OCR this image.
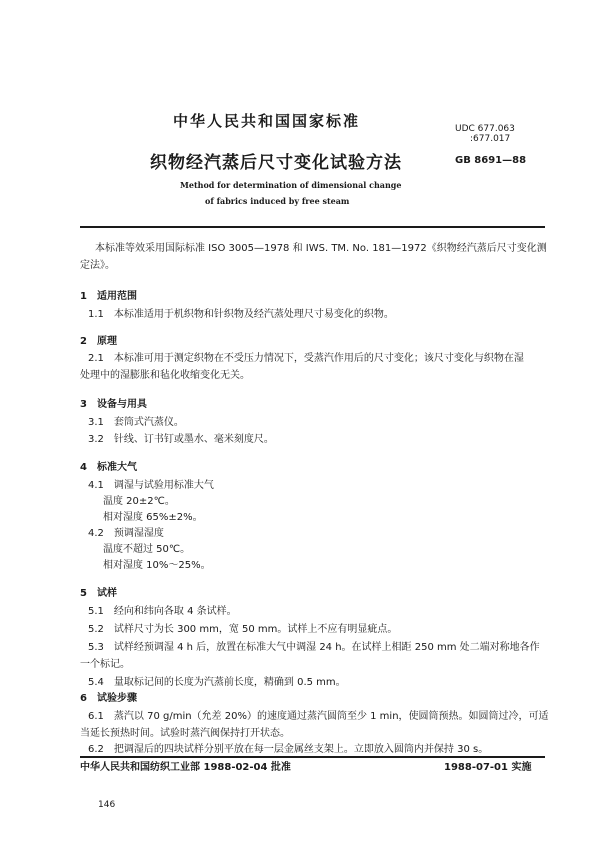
中华人民共和国国家标准	UDC 677.063
:677.017
GB 8691—88
织物经汽蒸后尺寸变化试验方法
Method for determination of dimensional change
of fabrics induced by free steam
本标准等效采用国际标准 ISO 3005—1978 和 IWS. TM. No. 181—1972《织物经汽蒸后尺寸变化测
定法》。
1　适用范围
1.1　本标准适用于机织物和针织物及经汽蒸处理尺寸易变化的织物。
2　原理
2.1　本标准可用于测定织物在不受压力情况下，受蒸汽作用后的尺寸变化；该尺寸变化与织物在湿
处理中的湿膨胀和毡化收缩变化无关。
3　设备与用具
3.1　套筒式汽蒸仪。
3.2　针线、订书钉或墨水、毫米刻度尺。
4　标准大气
4.1　调湿与试验用标准大气
温度 20±2℃。
相对湿度 65%±2%。
4.2　预调湿湿度
温度不超过 50℃。
相对湿度 10%～25%。
5　试样
5.1　经向和纬向各取 4 条试样。
5.2　试样尺寸为长 300 mm，宽 50 mm。试样上不应有明显疵点。
5.3　试样经预调湿 4 h 后，放置在标准大气中调湿 24 h。在试样上相距 250 mm 处二端对称地各作
一个标记。
5.4　量取标记间的长度为汽蒸前长度，精确到 0.5 mm。
6　试验步骤
6.1　蒸汽以 70 g/min（允差 20%）的速度通过蒸汽圆筒至少 1 min，使圆筒预热。如圆筒过冷，可适
当延长预热时间。试验时蒸汽阀保持打开状态。
6.2　把调湿后的四块试样分别平放在每一层金属丝支架上。立即放入圆筒内并保持 30 s。
中华人民共和国纺织工业部 1988-02-04 批准	1988-07-01 实施
146
